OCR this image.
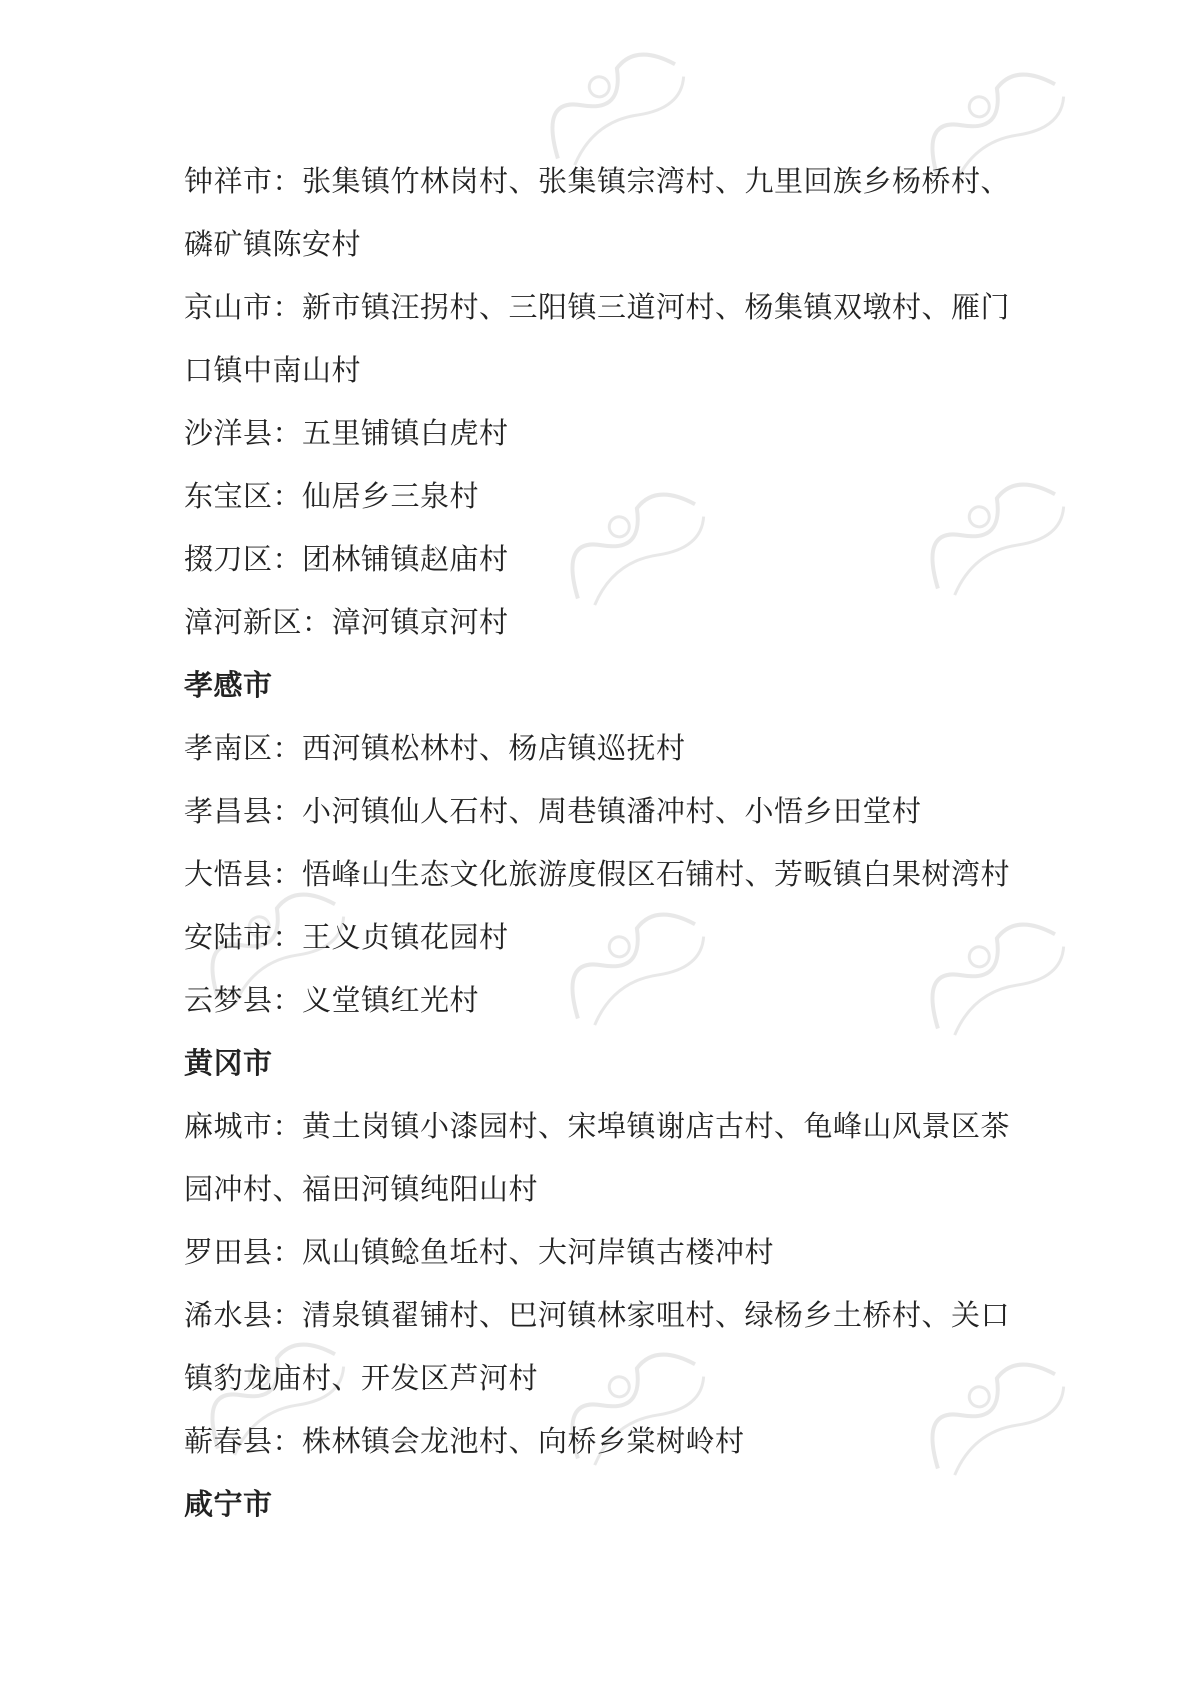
钟祥市：张集镇竹林岗村、张集镇宗湾村、九里回族乡杨桥村、
磷矿镇陈安村
京山市：新市镇汪拐村、三阳镇三道河村、杨集镇双墩村、雁门
口镇中南山村
沙洋县：五里铺镇白虎村
东宝区：仙居乡三泉村
掇刀区：团林铺镇赵庙村
漳河新区：漳河镇京河村
孝感市
孝南区：西河镇松林村、杨店镇巡抚村
孝昌县：小河镇仙人石村、周巷镇潘冲村、小悟乡田堂村
大悟县：悟峰山生态文化旅游度假区石铺村、芳畈镇白果树湾村
安陆市：王义贞镇花园村
云梦县：义堂镇红光村
黄冈市
麻城市：黄土岗镇小漆园村、宋埠镇谢店古村、龟峰山风景区茶
园冲村、福田河镇纯阳山村
罗田县：凤山镇鲶鱼坵村、大河岸镇古楼冲村
浠水县：清泉镇翟铺村、巴河镇林家咀村、绿杨乡土桥村、关口
镇豹龙庙村、开发区芦河村
蕲春县：株林镇会龙池村、向桥乡棠树岭村
咸宁市
